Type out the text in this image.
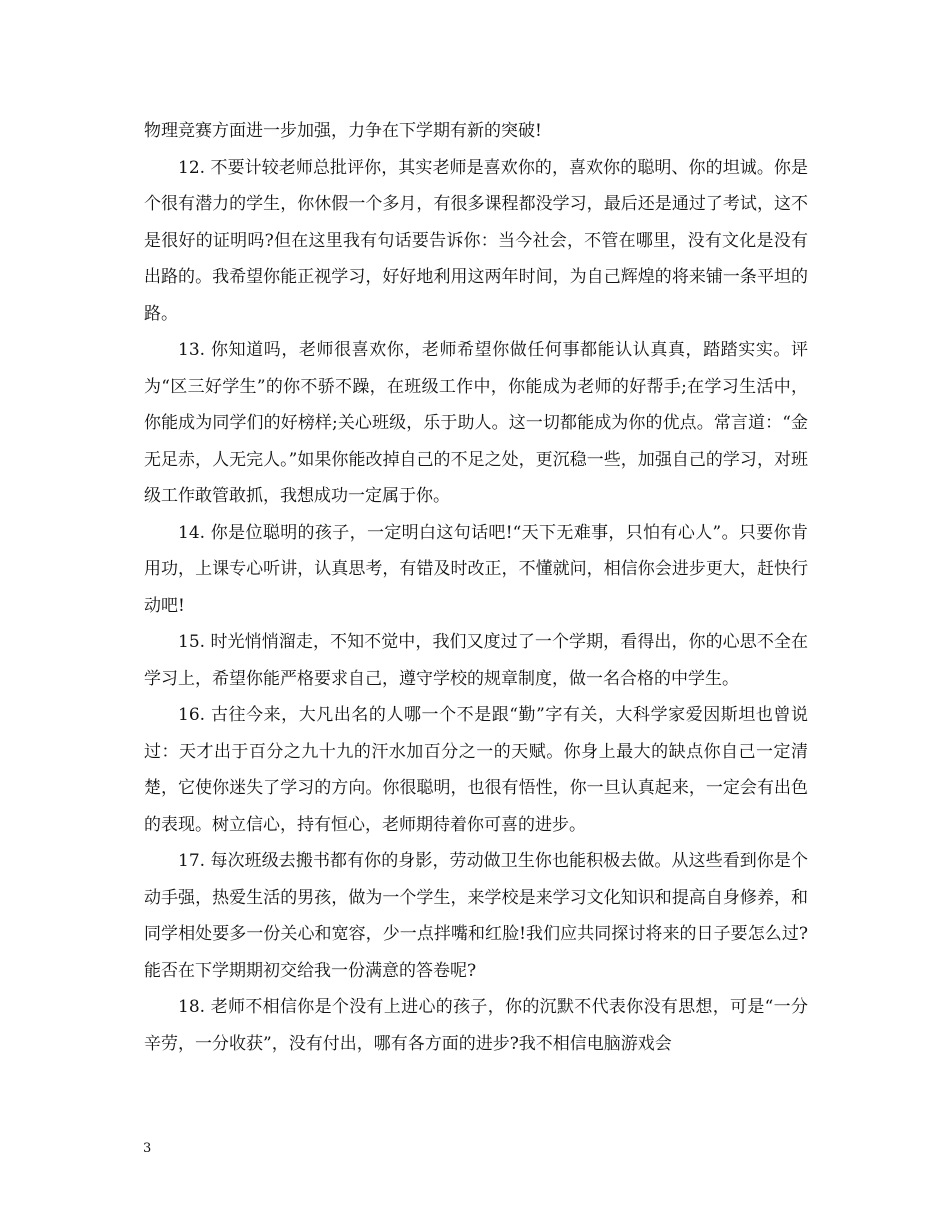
物理竞赛方面进一步加强，力争在下学期有新的突破!

12. 不要计较老师总批评你，其实老师是喜欢你的，喜欢你的聪明、你的坦诚。你是个很有潜力的学生，你休假一个多月，有很多课程都没学习，最后还是通过了考试，这不是很好的证明吗?但在这里我有句话要告诉你：当今社会，不管在哪里，没有文化是没有出路的。我希望你能正视学习，好好地利用这两年时间，为自己辉煌的将来铺一条平坦的路。

13. 你知道吗，老师很喜欢你，老师希望你做任何事都能认认真真，踏踏实实。评为“区三好学生”的你不骄不躁，在班级工作中，你能成为老师的好帮手;在学习生活中，你能成为同学们的好榜样;关心班级，乐于助人。这一切都能成为你的优点。常言道：“金无足赤，人无完人。”如果你能改掉自己的不足之处，更沉稳一些，加强自己的学习，对班级工作敢管敢抓，我想成功一定属于你。

14. 你是位聪明的孩子，一定明白这句话吧!“天下无难事，只怕有心人”。只要你肯用功，上课专心听讲，认真思考，有错及时改正，不懂就问，相信你会进步更大，赶快行动吧!

15. 时光悄悄溜走，不知不觉中，我们又度过了一个学期，看得出，你的心思不全在学习上，希望你能严格要求自己，遵守学校的规章制度，做一名合格的中学生。

16. 古往今来，大凡出名的人哪一个不是跟“勤”字有关，大科学家爱因斯坦也曾说过：天才出于百分之九十九的汗水加百分之一的天赋。你身上最大的缺点你自己一定清楚，它使你迷失了学习的方向。你很聪明，也很有悟性，你一旦认真起来，一定会有出色的表现。树立信心，持有恒心，老师期待着你可喜的进步。

17. 每次班级去搬书都有你的身影，劳动做卫生你也能积极去做。从这些看到你是个动手强，热爱生活的男孩，做为一个学生，来学校是来学习文化知识和提高自身修养，和同学相处要多一份关心和宽容，少一点拌嘴和红脸!我们应共同探讨将来的日子要怎么过?能否在下学期期初交给我一份满意的答卷呢?

18. 老师不相信你是个没有上进心的孩子，你的沉默不代表你没有思想，可是“一分辛劳，一分收获”，没有付出，哪有各方面的进步?我不相信电脑游戏会

3
